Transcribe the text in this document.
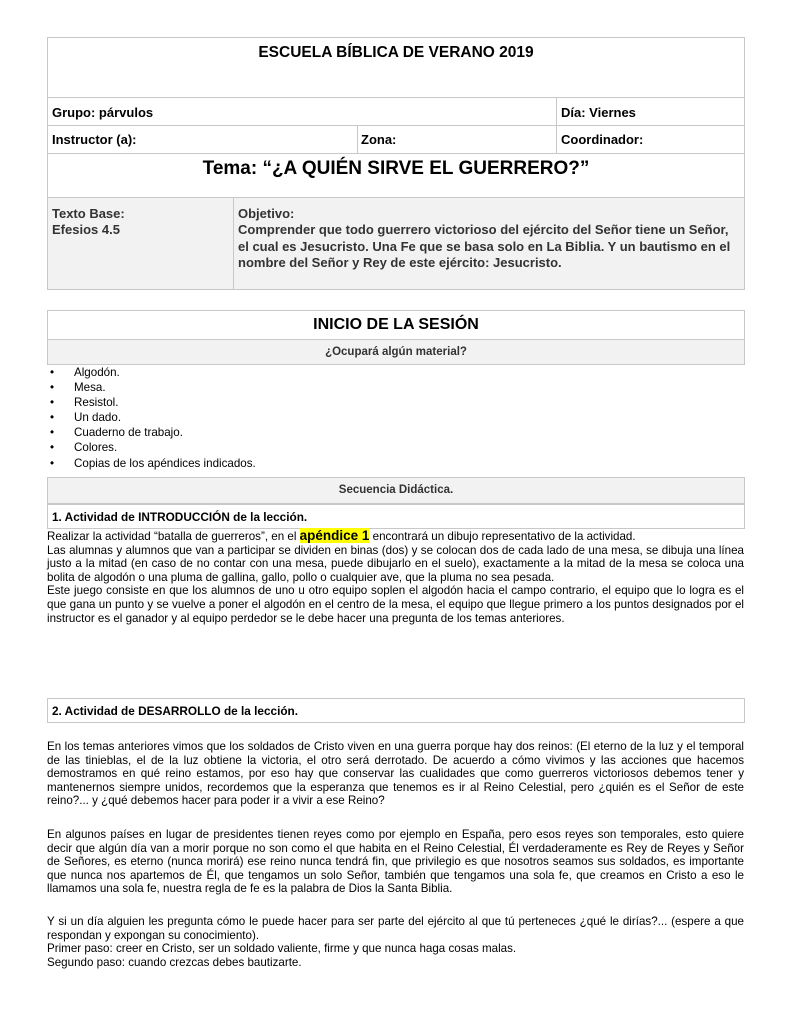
ESCUELA BÍBLICA DE VERANO 2019
Grupo: párvulos	Día: Viernes
Instructor (a):	Zona:	Coordinador:
Tema: “¿A QUIÉN SIRVE EL GUERRERO?”
Texto Base:
Efesios 4.5
Objetivo:
Comprender que todo guerrero victorioso del ejército del Señor tiene un Señor, el cual es Jesucristo. Una Fe que se basa solo en La Biblia. Y un bautismo en el nombre del Señor y Rey de este ejército: Jesucristo.
INICIO DE LA SESIÓN
¿Ocupará algún material?
• Algodón.
• Mesa.
• Resistol.
• Un dado.
• Cuaderno de trabajo.
• Colores.
• Copias de los apéndices indicados.
Secuencia Didáctica.
1. Actividad de INTRODUCCIÓN de la lección.

Realizar la actividad “batalla de guerreros”, en el apéndice 1 encontrará un dibujo representativo de la actividad.

Las alumnas y alumnos que van a participar se dividen en binas (dos) y se colocan dos de cada lado de una mesa, se dibuja una línea justo a la mitad (en caso de no contar con una mesa, puede dibujarlo en el suelo), exactamente a la mitad de la mesa se coloca una bolita de algodón o una pluma de gallina, gallo, pollo o cualquier ave, que la pluma no sea pesada.

Este juego consiste en que los alumnos de uno u otro equipo soplen el algodón hacia el campo contrario, el equipo que lo logra es el que gana un punto y se vuelve a poner el algodón en el centro de la mesa, el equipo que llegue primero a los puntos designados por el instructor es el ganador y al equipo perdedor se le debe hacer una pregunta de los temas anteriores.

2. Actividad de DESARROLLO de la lección.
En los temas anteriores vimos que los soldados de Cristo viven en una guerra porque hay dos reinos: (El eterno de la luz y el temporal de las tinieblas, el de la luz obtiene la victoria, el otro será derrotado. De acuerdo a cómo vivimos y las acciones que hacemos demostramos en qué reino estamos, por eso hay que conservar las cualidades que como guerreros victoriosos debemos tener y mantenernos siempre unidos, recordemos que la esperanza que tenemos es ir al Reino Celestial, pero ¿quién es el Señor de este reino?... y ¿qué debemos hacer para poder ir a vivir a ese Reino?
En algunos países en lugar de presidentes tienen reyes como por ejemplo en España, pero esos reyes son temporales, esto quiere decir que algún día van a morir porque no son como el que habita en el Reino Celestial, Él verdaderamente es Rey de Reyes y Señor de Señores, es eterno (nunca morirá) ese reino nunca tendrá fin, que privilegio es que nosotros seamos sus soldados, es importante que nunca nos apartemos de Él, que tengamos un solo Señor, también que tengamos una sola fe, que creamos en Cristo a eso le llamamos una sola fe, nuestra regla de fe es la palabra de Dios la Santa Biblia.

Y si un día alguien les pregunta cómo le puede hacer para ser parte del ejército al que tú perteneces ¿qué le dirías?... (espere a que respondan y expongan su conocimiento).

Primer paso: creer en Cristo, ser un soldado valiente, firme y que nunca haga cosas malas.

Segundo paso: cuando crezcas debes bautizarte.
